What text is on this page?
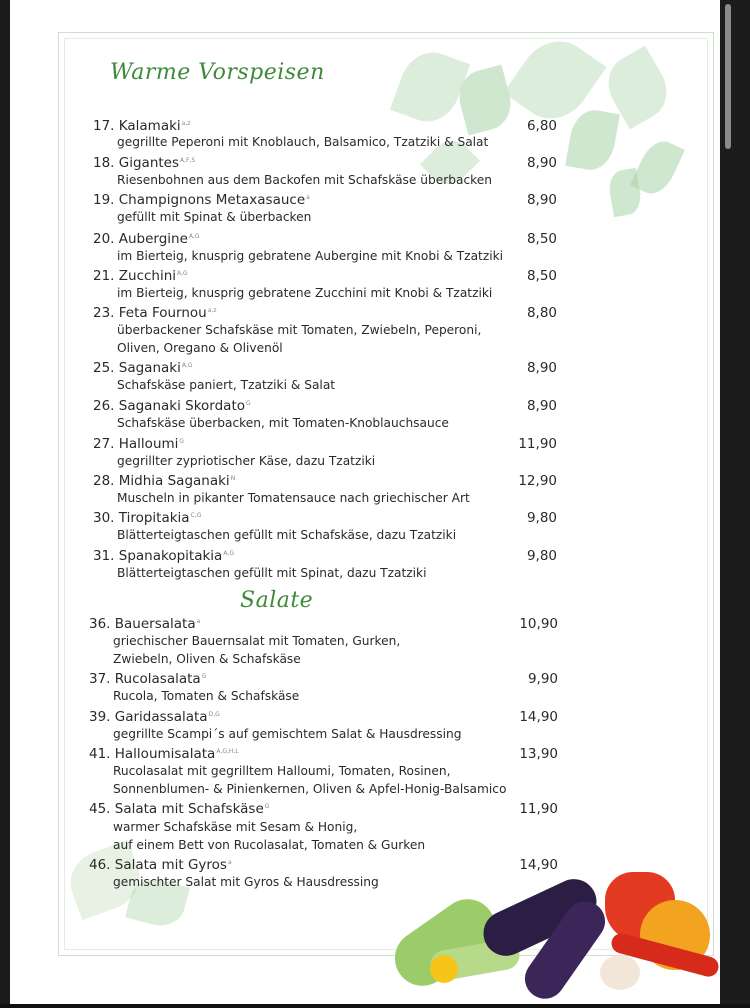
Warme Vorspeisen
Salate
17. Kalamaki$^{a,z}$	6,80
gegrillte Peperoni mit Knoblauch, Balsamico, Tzatziki & Salat
18. Gigantes$^{A,F,S}$	8,90
Riesenbohnen aus dem Backofen mit Schafskäse überbacken
19. Champignons Metaxasauce$^a$	8,90
gefüllt mit Spinat & überbacken
20. Aubergine$^{A,G}$	8,50
im Bierteig, knusprig gebratene Aubergine mit Knobi & Tzatziki
21. Zucchini$^{A,G}$	8,50
im Bierteig, knusprig gebratene Zucchini mit Knobi & Tzatziki
23. Feta Fournou$^{a,z}$	8,80
überbackener Schafskäse mit Tomaten, Zwiebeln, Peperoni,
Oliven, Oregano & Olivenöl
25. Saganaki$^{A,G}$	8,90
Schafskäse paniert, Tzatziki & Salat
26. Saganaki Skordato$^G$	8,90
Schafskäse überbacken, mit Tomaten-Knoblauchsauce
27. Halloumi$^G$	11,90
gegrillter zypriotischer Käse, dazu Tzatziki
28. Midhia Saganaki$^N$	12,90
Muscheln in pikanter Tomatensauce nach griechischer Art
30. Tiropitakia$^{C,G}$	9,80
Blätterteigtaschen gefüllt mit Schafskäse, dazu Tzatziki
31. Spanakopitakia$^{A,G}$	9,80
Blätterteigtaschen gefüllt mit Spinat, dazu Tzatziki
36. Bauersalata$^a$	10,90
griechischer Bauernsalat mit Tomaten, Gurken,
Zwiebeln, Oliven & Schafskäse
37. Rucolasalata$^G$	9,90
Rucola, Tomaten & Schafskäse
39. Garidassalata$^{D,G}$	14,90
gegrillte Scampi´s auf gemischtem Salat & Hausdressing
41. Halloumisalata$^{A,G,H,L}$	13,90
Rucolasalat mit gegrilltem Halloumi, Tomaten, Rosinen,
Sonnenblumen- & Pinienkernen, Oliven & Apfel-Honig-Balsamico
45. Salata mit Schafskäse$^G$	11,90
warmer Schafskäse mit Sesam & Honig,
auf einem Bett von Rucolasalat, Tomaten & Gurken
46. Salata mit Gyros$^a$	14,90
gemischter Salat mit Gyros & Hausdressing
